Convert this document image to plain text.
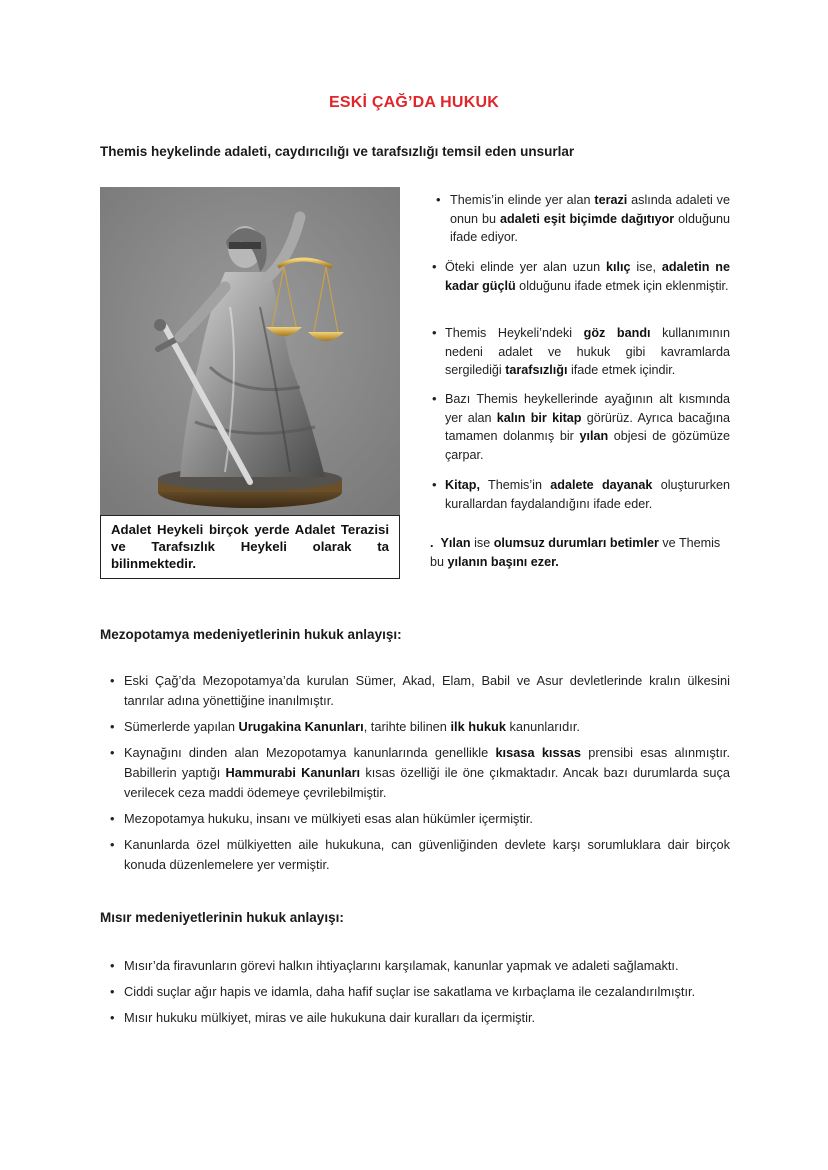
ESKİ ÇAĞ’DA HUKUK
Themis heykelinde adaleti, caydırıcılığı ve tarafsızlığı temsil eden unsurlar
Adalet Heykeli birçok yerde Adalet Terazisi ve Tarafsızlık Heykeli olarak ta bilinmektedir.
• Themis’in elinde yer alan terazi aslında adaleti ve onun bu adaleti eşit biçimde dağıtıyor olduğunu ifade ediyor.
• Öteki elinde yer alan uzun kılıç ise, adaletin ne kadar güçlü olduğunu ifade etmek için eklenmiştir.
• Themis Heykeli’ndeki göz bandı kullanımının nedeni adalet ve hukuk gibi kavramlarda sergilediği tarafsızlığı ifade etmek içindir.
• Bazı Themis heykellerinde ayağının alt kısmında yer alan kalın bir kitap görürüz. Ayrıca bacağına tamamen dolanmış bir yılan objesi de gözümüze çarpar.
• Kitap, Themis’in adalete dayanak oluştururken kurallardan faydalandığını ifade eder.
. Yılan ise olumsuz durumları betimler ve Themis bu yılanın başını ezer.
Mezopotamya medeniyetlerinin hukuk anlayışı:
• Eski Çağ’da Mezopotamya’da kurulan Sümer, Akad, Elam, Babil ve Asur devletlerinde kralın ülkesini tanrılar adına yönettiğine inanılmıştır.
• Sümerlerde yapılan Urugakina Kanunları, tarihte bilinen ilk hukuk kanunlarıdır.
• Kaynağını dinden alan Mezopotamya kanunlarında genellikle kısasa kıssas prensibi esas alınmıştır. Babillerin yaptığı Hammurabi Kanunları kısas özelliği ile öne çıkmaktadır. Ancak bazı durumlarda suça verilecek ceza maddi ödemeye çevrilebilmiştir.
• Mezopotamya hukuku, insanı ve mülkiyeti esas alan hükümler içermiştir.
• Kanunlarda özel mülkiyetten aile hukukuna, can güvenliğinden devlete karşı sorumluklara dair birçok konuda düzenlemelere yer vermiştir.
Mısır medeniyetlerinin hukuk anlayışı:
• Mısır’da firavunların görevi halkın ihtiyaçlarını karşılamak, kanunlar yapmak ve adaleti sağlamaktı.
• Ciddi suçlar ağır hapis ve idamla, daha hafif suçlar ise sakatlama ve kırbaçlama ile cezalandırılmıştır.
• Mısır hukuku mülkiyet, miras ve aile hukukuna dair kuralları da içermiştir.
